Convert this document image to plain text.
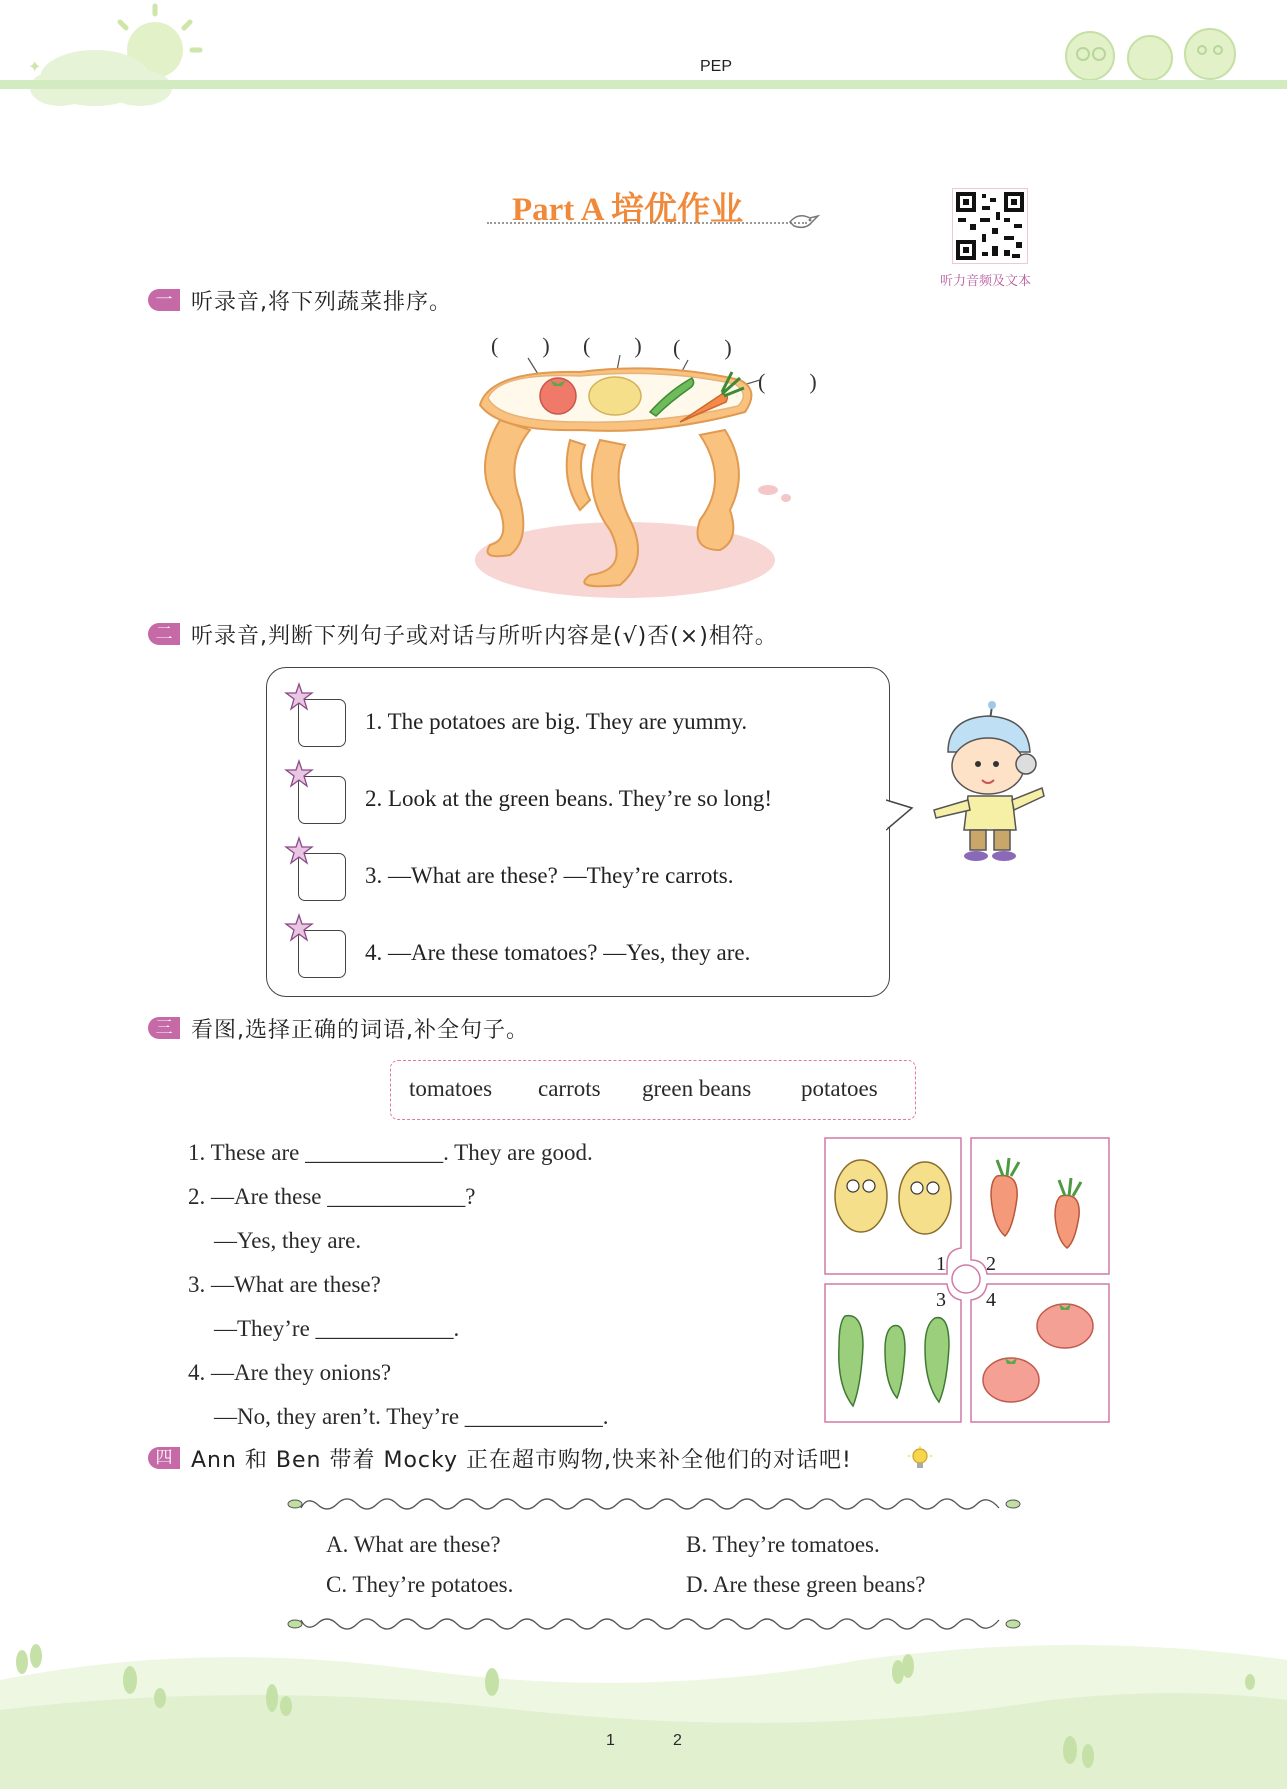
✦	PEP
Part A 培优作业
听力音频及文本
一 听录音,将下列蔬菜排序。
(　　) (　　) (　　)
(　　)
二 听录音,判断下列句子或对话与所听内容是(√)否(×)相符。
1. The potatoes are big. They are yummy.
2. Look at the green beans. They’re so long!
3. —What are these? —They’re carrots.
4. —Are these tomatoes? —Yes, they are.
三 看图,选择正确的词语,补全句子。
tomatoes carrots green beans potatoes
1. These are ____________. They are good.
2. —Are these ____________?
—Yes, they are.
3. —What are these?
—They’re ____________.
4. —Are they onions?
—No, they aren’t. They’re ____________.
1 2
3 4
四 Ann 和 Ben 带着 Mocky 正在超市购物,快来补全他们的对话吧!
A. What are these?	B. They’re tomatoes.
C. They’re potatoes.	D. Are these green beans?
1	2
